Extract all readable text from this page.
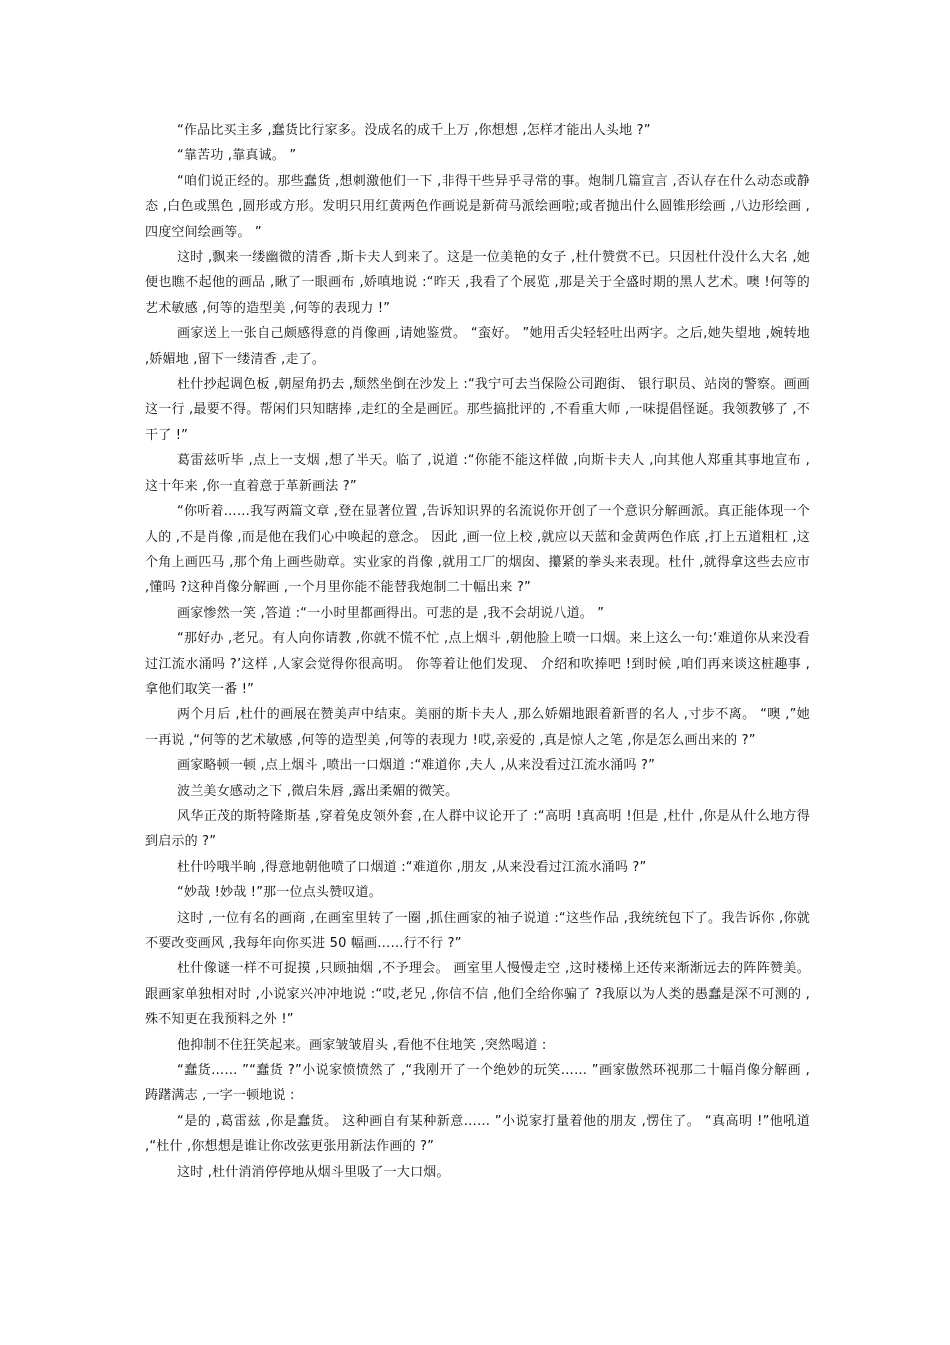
“作品比买主多 ,蠢货比行家多。没成名的成千上万 ,你想想 ,怎样才能出人头地 ?”

“靠苦功 ,靠真诚。 ”

“咱们说正经的。那些蠢货 ,想刺激他们一下 ,非得干些异乎寻常的事。炮制几篇宣言 ,否认存在什么动态或静态 ,白色或黑色 ,圆形或方形。发明只用红黄两色作画说是新荷马派绘画啦;或者抛出什么圆锥形绘画 ,八边形绘画 ,四度空间绘画等。 ”

这时 ,飘来一缕幽微的清香 ,斯卡夫人到来了。这是一位美艳的女子 ,杜什赞赏不已。只因杜什没什么大名 ,她便也瞧不起他的画品 ,瞅了一眼画布 ,娇嗔地说 :“昨天 ,我看了个展览 ,那是关于全盛时期的黑人艺术。噢 !何等的艺术敏感 ,何等的造型美 ,何等的表现力 !”

画家送上一张自己颇感得意的肖像画 ,请她鉴赏。 “蛮好。 ”她用舌尖轻轻吐出两字。之后,她失望地 ,婉转地 ,娇媚地 ,留下一缕清香 ,走了。

杜什抄起调色板 ,朝屋角扔去 ,颓然坐倒在沙发上 :“我宁可去当保险公司跑街、 银行职员、站岗的警察。画画这一行 ,最要不得。帮闲们只知瞎捧 ,走红的全是画匠。那些搞批评的 ,不看重大师 ,一味提倡怪诞。我领教够了 ,不干了 !”

葛雷兹听毕 ,点上一支烟 ,想了半天。临了 ,说道 :“你能不能这样做 ,向斯卡夫人 ,向其他人郑重其事地宣布 ,这十年来 ,你一直着意于革新画法 ?”

“你听着……我写两篇文章 ,登在显著位置 ,告诉知识界的名流说你开创了一个意识分解画派。真正能体现一个人的 ,不是肖像 ,而是他在我们心中唤起的意念。 因此 ,画一位上校 ,就应以天蓝和金黄两色作底 ,打上五道粗杠 ,这个角上画匹马 ,那个角上画些勋章。实业家的肖像 ,就用工厂的烟囱、攥紧的拳头来表现。杜什 ,就得拿这些去应市 ,懂吗 ?这种肖像分解画 ,一个月里你能不能替我炮制二十幅出来 ?”

画家惨然一笑 ,答道 :“一小时里都画得出。可悲的是 ,我不会胡说八道。 ”

“那好办 ,老兄。有人向你请教 ,你就不慌不忙 ,点上烟斗 ,朝他脸上喷一口烟。来上这么一句:‘难道你从来没看过江流水涌吗 ?’这样 ,人家会觉得你很高明。 你等着让他们发现、 介绍和吹捧吧 !到时候 ,咱们再来谈这桩趣事 ,拿他们取笑一番 !”

两个月后 ,杜什的画展在赞美声中结束。美丽的斯卡夫人 ,那么娇媚地跟着新晋的名人 ,寸步不离。 “噢 ,”她一再说 ,“何等的艺术敏感 ,何等的造型美 ,何等的表现力 !哎,亲爱的 ,真是惊人之笔 ,你是怎么画出来的 ?”

画家略顿一顿 ,点上烟斗 ,喷出一口烟道 :“难道你 ,夫人 ,从来没看过江流水涌吗 ?”

波兰美女感动之下 ,微启朱唇 ,露出柔媚的微笑。

风华正茂的斯特隆斯基 ,穿着兔皮领外套 ,在人群中议论开了 :“高明 !真高明 !但是 ,杜什 ,你是从什么地方得到启示的 ?”

杜什吟哦半晌 ,得意地朝他喷了口烟道 :“难道你 ,朋友 ,从来没看过江流水涌吗 ?”

“妙哉 !妙哉 !”那一位点头赞叹道。

这时 ,一位有名的画商 ,在画室里转了一圈 ,抓住画家的袖子说道 :“这些作品 ,我统统包下了。我告诉你 ,你就不要改变画风 ,我每年向你买进 50 幅画……行不行 ?”

杜什像谜一样不可捉摸 ,只顾抽烟 ,不予理会。 画室里人慢慢走空 ,这时楼梯上还传来渐渐远去的阵阵赞美。 跟画家单独相对时 ,小说家兴冲冲地说 :“哎,老兄 ,你信不信 ,他们全给你骗了 ?我原以为人类的愚蠢是深不可测的 ,殊不知更在我预料之外 !”

他抑制不住狂笑起来。画家皱皱眉头 ,看他不住地笑 ,突然喝道 :

“蠢货…… ”“蠢货 ?”小说家愤愤然了 ,“我刚开了一个绝妙的玩笑…… ”画家傲然环视那二十幅肖像分解画 ,踌躇满志 ,一字一顿地说 :

“是的 ,葛雷兹 ,你是蠢货。 这种画自有某种新意…… ”小说家打量着他的朋友 ,愣住了。 “真高明 !”他吼道 ,“杜什 ,你想想是谁让你改弦更张用新法作画的 ?”

这时 ,杜什消消停停地从烟斗里吸了一大口烟。
